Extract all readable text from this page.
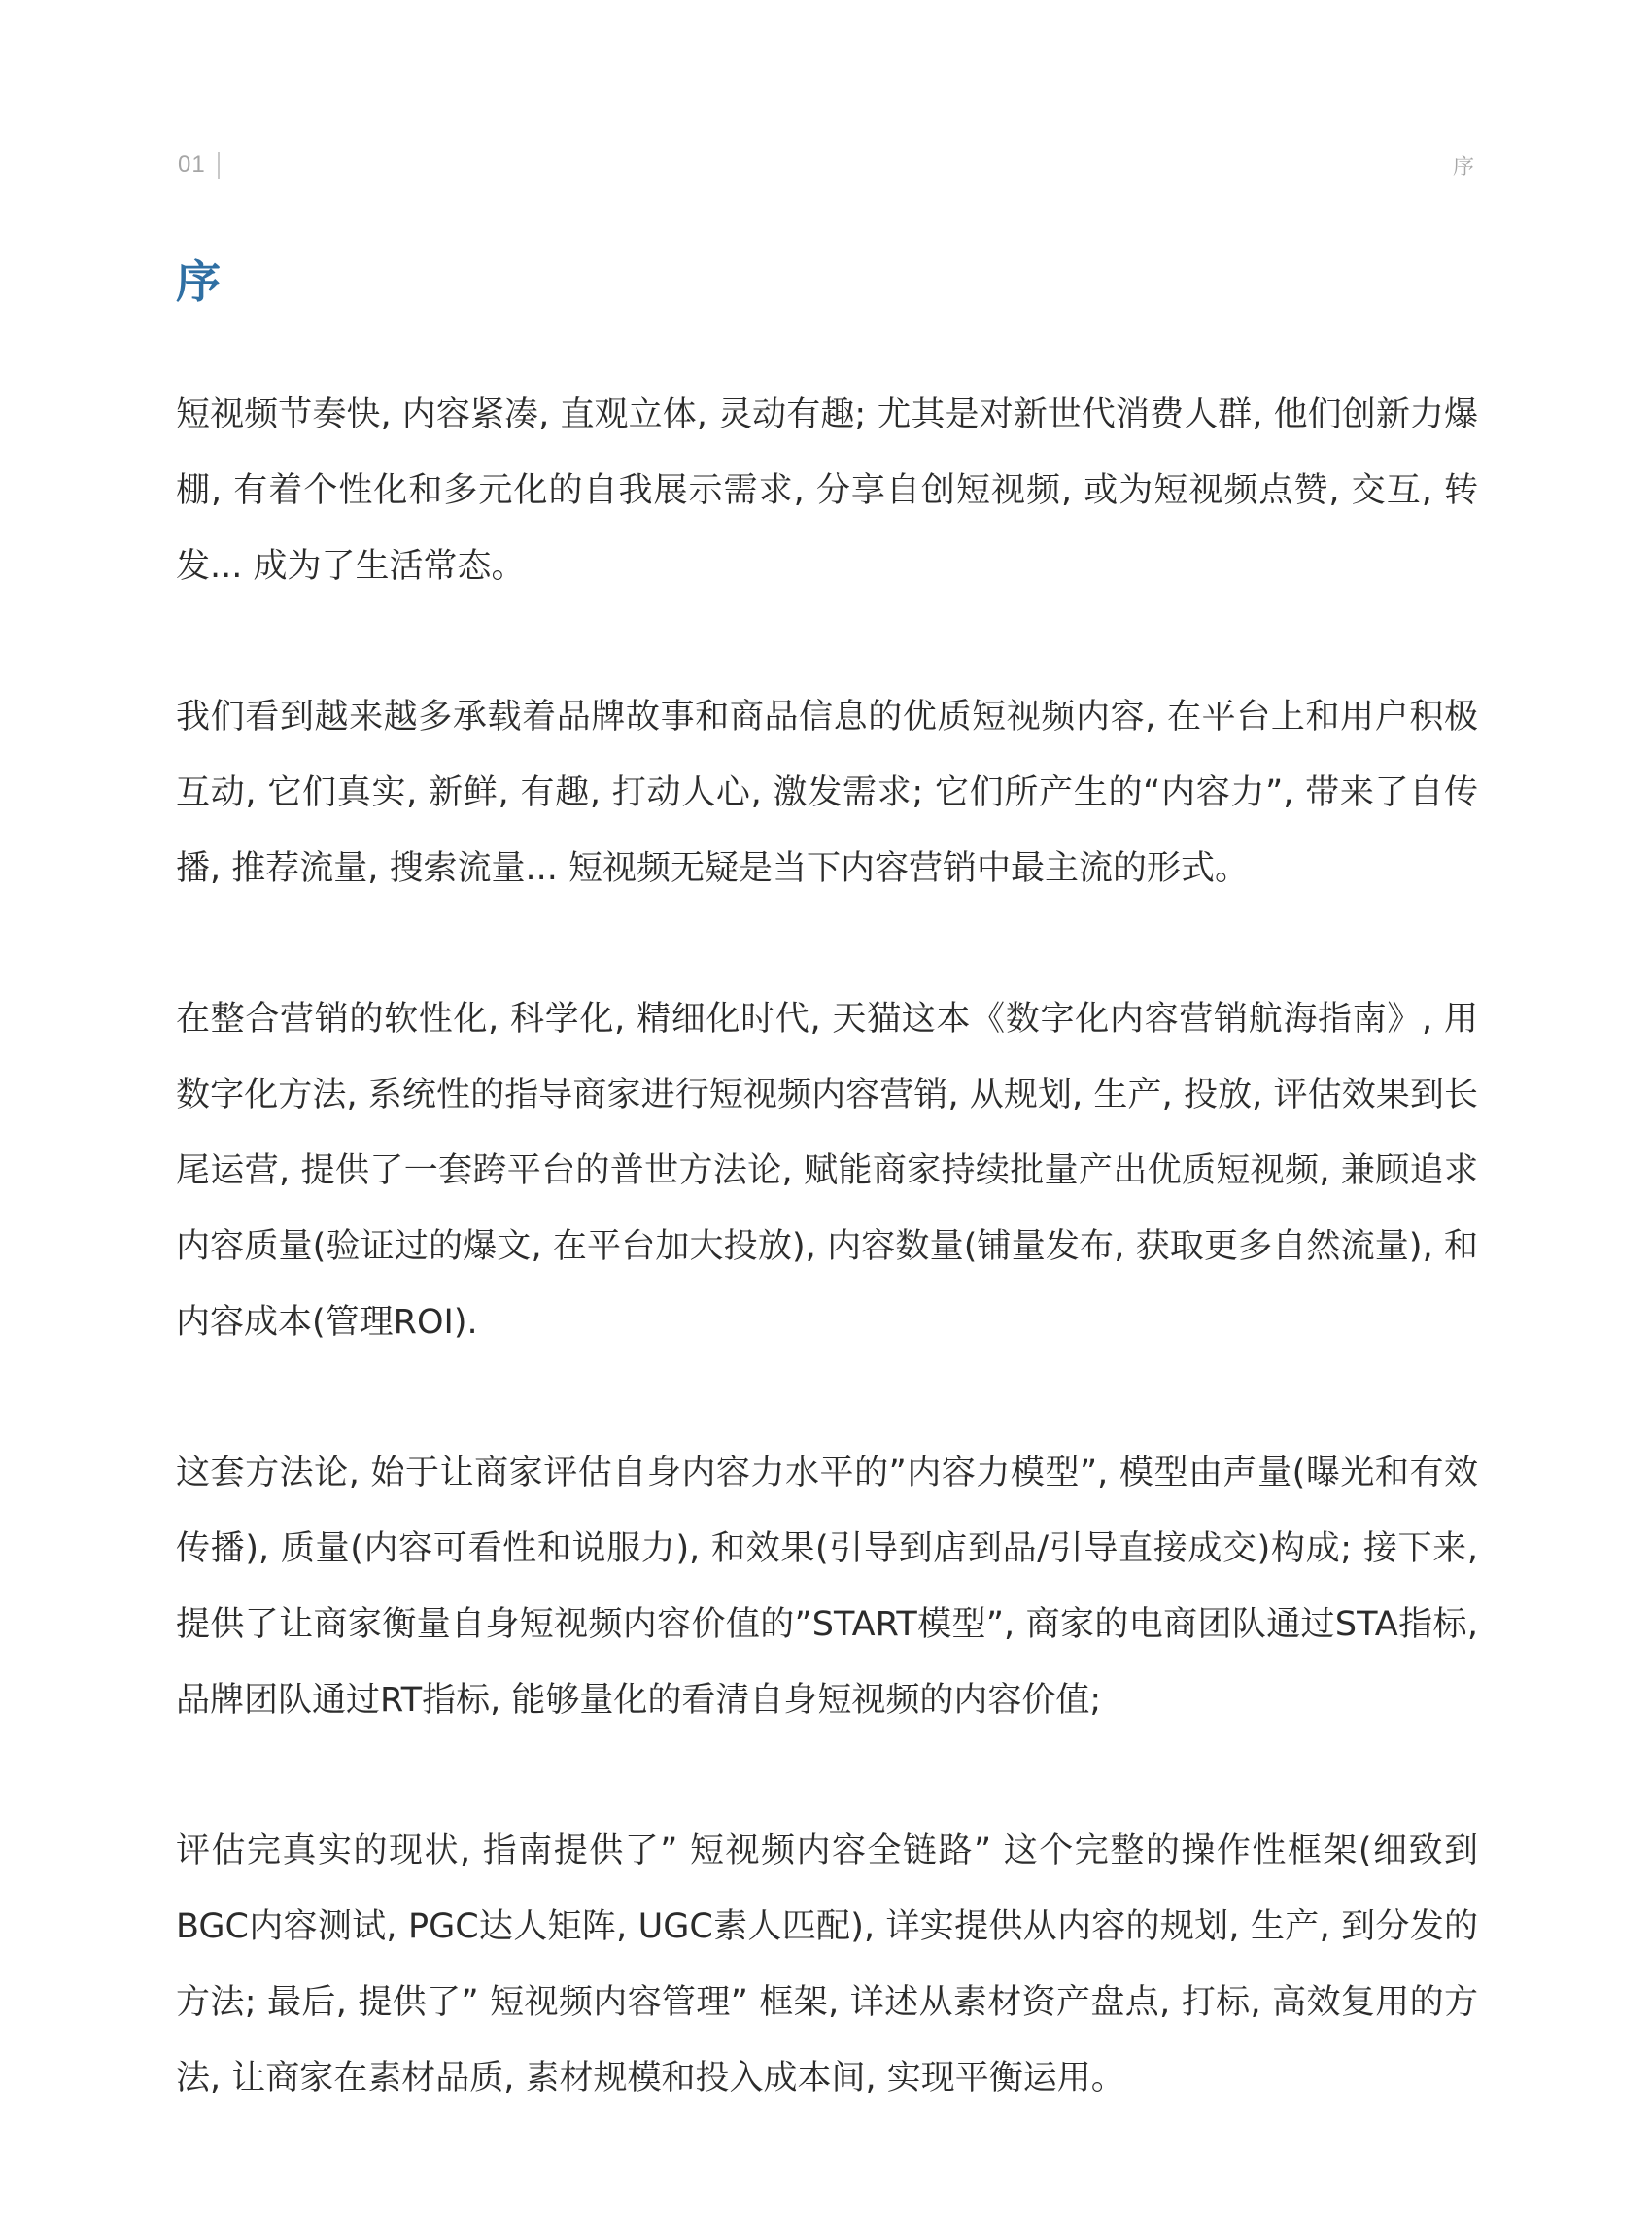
01	序
序

短视频节奏快, 内容紧凑, 直观立体, 灵动有趣; 尤其是对新世代消费人群, 他们创新力爆棚, 有着个性化和多元化的自我展示需求, 分享自创短视频, 或为短视频点赞, 交互, 转发... 成为了生活常态。

我们看到越来越多承载着品牌故事和商品信息的优质短视频内容, 在平台上和用户积极互动, 它们真实, 新鲜, 有趣, 打动人心, 激发需求; 它们所产生的“内容力”, 带来了自传播, 推荐流量, 搜索流量... 短视频无疑是当下内容营销中最主流的形式。

在整合营销的软性化, 科学化, 精细化时代, 天猫这本《数字化内容营销航海指南》, 用数字化方法, 系统性的指导商家进行短视频内容营销, 从规划, 生产, 投放, 评估效果到长尾运营, 提供了一套跨平台的普世方法论, 赋能商家持续批量产出优质短视频, 兼顾追求内容质量(验证过的爆文, 在平台加大投放), 内容数量(铺量发布, 获取更多自然流量), 和内容成本(管理ROI).

这套方法论, 始于让商家评估自身内容力水平的”内容力模型”, 模型由声量(曝光和有效传播), 质量(内容可看性和说服力), 和效果(引导到店到品/引导直接成交)构成; 接下来, 提供了让商家衡量自身短视频内容价值的”START模型”, 商家的电商团队通过STA指标, 品牌团队通过RT指标, 能够量化的看清自身短视频的内容价值;

评估完真实的现状, 指南提供了” 短视频内容全链路” 这个完整的操作性框架(细致到BGC内容测试, PGC达人矩阵, UGC素人匹配), 详实提供从内容的规划, 生产, 到分发的方法; 最后, 提供了” 短视频内容管理” 框架, 详述从素材资产盘点, 打标, 高效复用的方法, 让商家在素材品质, 素材规模和投入成本间, 实现平衡运用。
